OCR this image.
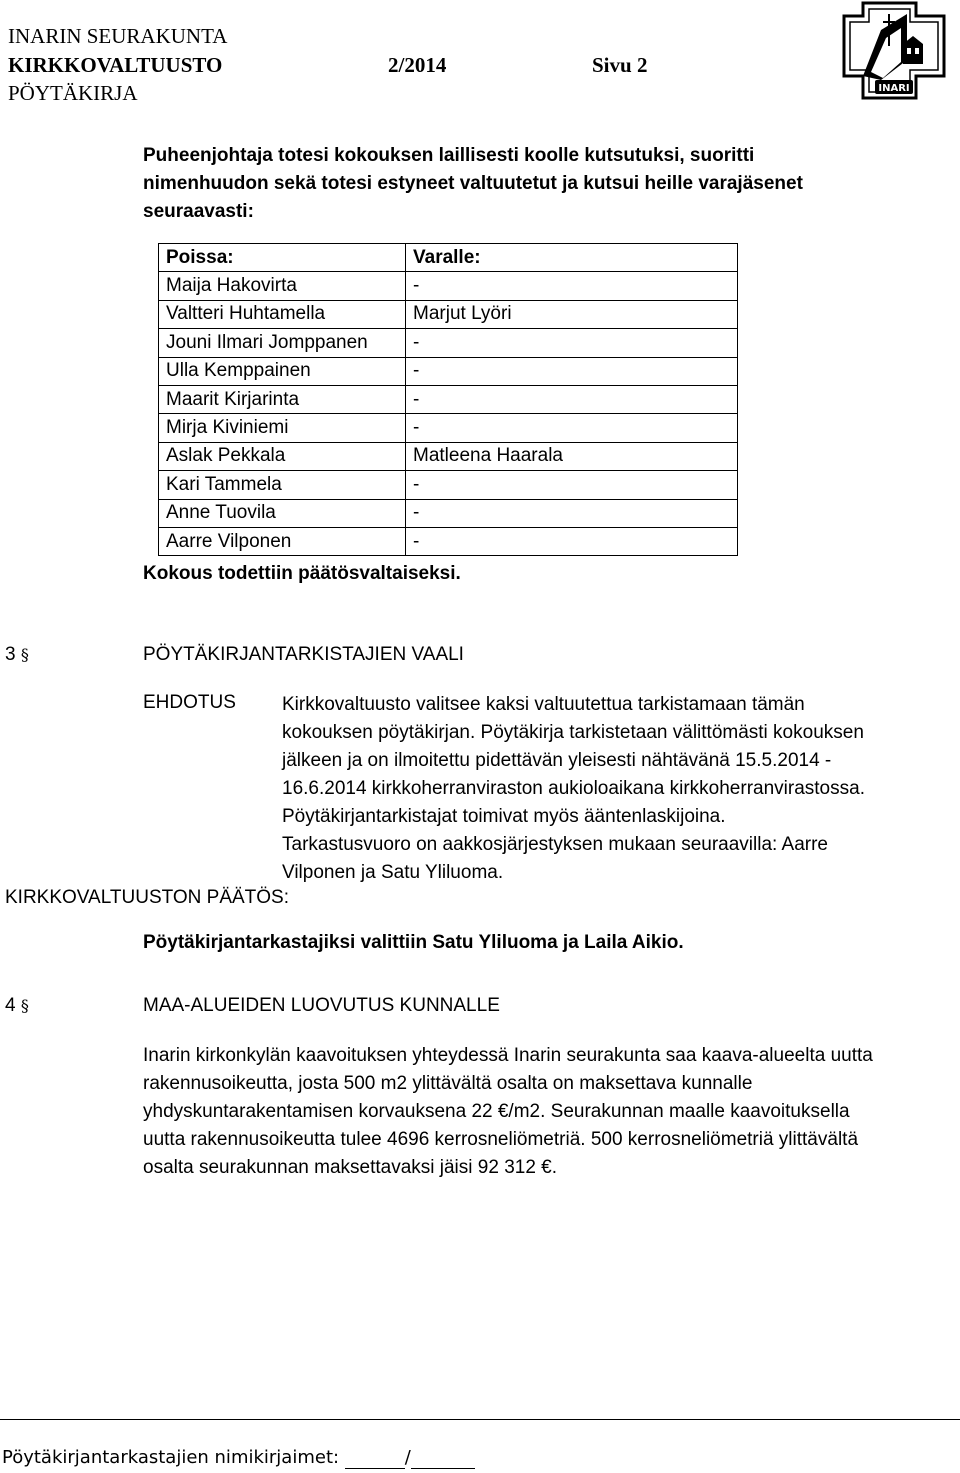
INARIN SEURAKUNTA
KIRKKOVALTUUSTO	2/2014	Sivu 2
PÖYTÄKIRJA	INARI
Puheenjohtaja totesi kokouksen laillisesti koolle kutsutuksi, suoritti
nimenhuudon sekä totesi estyneet valtuutetut ja kutsui heille varajäsenet
seuraavasti:
Poissa:	Varalle:
Maija Hakovirta	-
Valtteri Huhtamella	Marjut Lyöri
Jouni Ilmari Jomppanen	-
Ulla Kemppainen	-
Maarit Kirjarinta	-
Mirja Kiviniemi	-
Aslak Pekkala	Matleena Haarala
Kari Tammela	-
Anne Tuovila	-
Aarre Vilponen	-
Kokous todettiin päätösvaltaiseksi.
3 §	PÖYTÄKIRJANTARKISTAJIEN VAALI
EHDOTUS Kirkkovaltuusto valitsee kaksi valtuutettua tarkistamaan tämän
kokouksen pöytäkirjan. Pöytäkirja tarkistetaan välittömästi kokouksen
jälkeen ja on ilmoitettu pidettävän yleisesti nähtävänä 15.5.2014 -
16.6.2014 kirkkoherranviraston aukioloaikana kirkkoherranvirastossa.
Pöytäkirjantarkistajat toimivat myös ääntenlaskijoina.
Tarkastusvuoro on aakkosjärjestyksen mukaan seuraavilla: Aarre
Vilponen ja Satu Yliluoma.
KIRKKOVALTUUSTON PÄÄTÖS:
Pöytäkirjantarkastajiksi valittiin Satu Yliluoma ja Laila Aikio.
4 §	MAA-ALUEIDEN LUOVUTUS KUNNALLE
Inarin kirkonkylän kaavoituksen yhteydessä Inarin seurakunta saa kaava-alueelta uutta
rakennusoikeutta, josta 500 m2 ylittävältä osalta on maksettava kunnalle
yhdyskuntarakentamisen korvauksena 22 €/m2. Seurakunnan maalle kaavoituksella
uutta rakennusoikeutta tulee 4696 kerrosneliömetriä. 500 kerrosneliömetriä ylittävältä
osalta seurakunnan maksettavaksi jäisi 92 312 €.
Pöytäkirjantarkastajien nimikirjaimet:	/
